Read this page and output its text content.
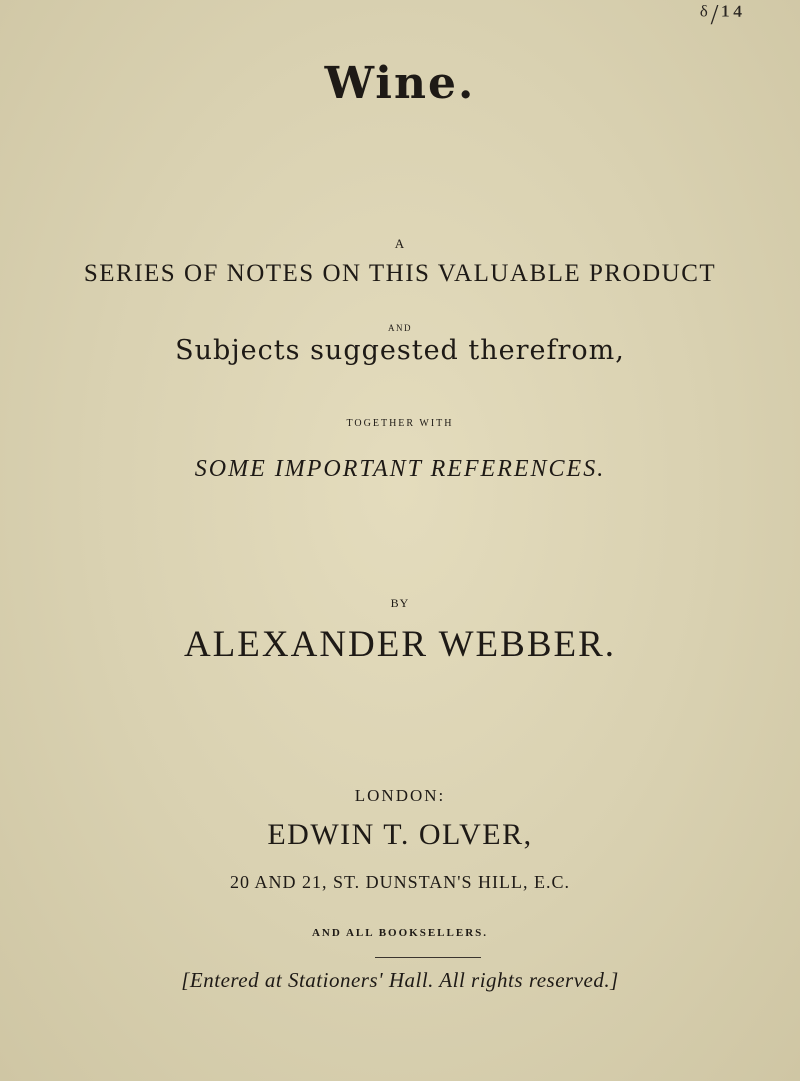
ᵟ/¹⁴
Wine.
A
SERIES OF NOTES ON THIS VALUABLE PRODUCT
AND
Subjects suggested therefrom,
TOGETHER WITH
SOME IMPORTANT REFERENCES.
BY
ALEXANDER WEBBER.
LONDON:
EDWIN T. OLVER,
20 AND 21, ST. DUNSTAN'S HILL, E.C.
AND ALL BOOKSELLERS.
[Entered at Stationers' Hall. All rights reserved.]
